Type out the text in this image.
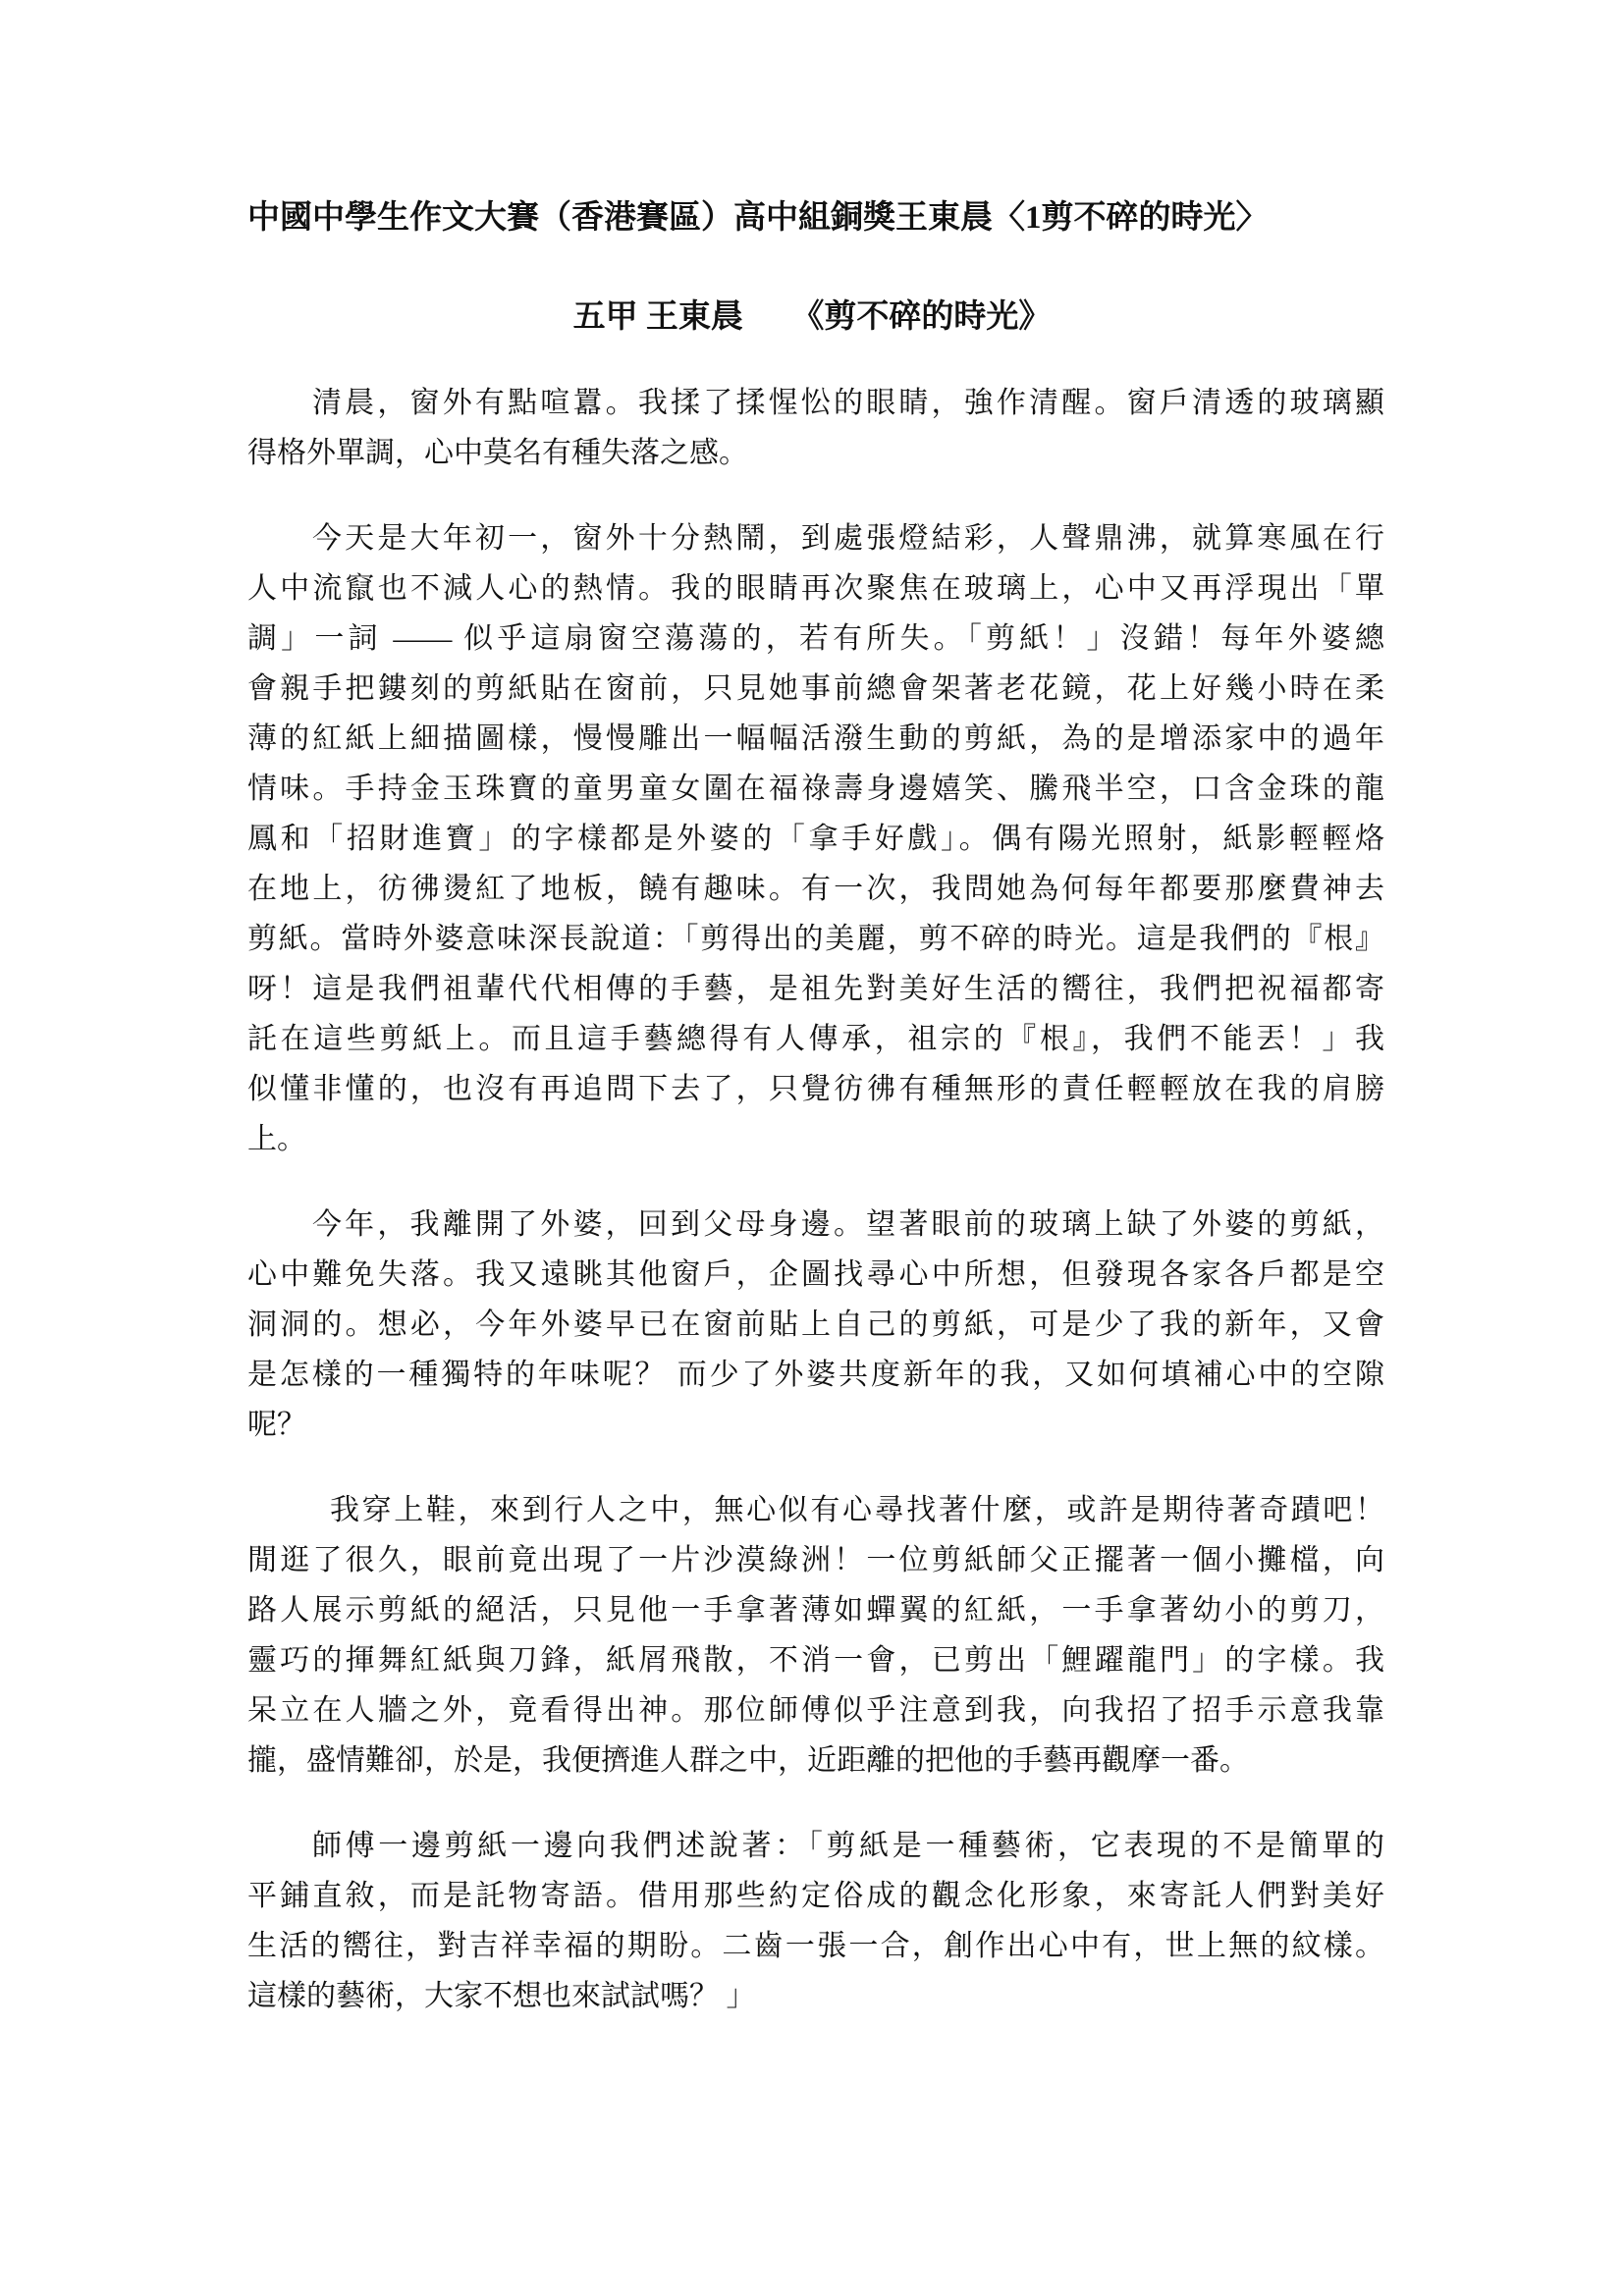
中國中學生作文大賽（香港賽區）高中組銅獎王東晨〈1剪不碎的時光〉
五甲 王東晨　　《剪不碎的時光》
清晨，窗外有點喧囂。我揉了揉惺忪的眼睛，強作清醒。窗戶清透的玻璃顯
得格外單調，心中莫名有種失落之感。
今天是大年初一，窗外十分熱鬧，到處張燈結彩，人聲鼎沸，就算寒風在行
人中流竄也不減人心的熱情。我的眼睛再次聚焦在玻璃上，心中又再浮現出「單
調」一詞 —— 似乎這扇窗空蕩蕩的，若有所失。「剪紙！」沒錯！每年外婆總
會親手把鏤刻的剪紙貼在窗前，只見她事前總會架著老花鏡，花上好幾小時在柔
薄的紅紙上細描圖樣，慢慢雕出一幅幅活潑生動的剪紙，為的是增添家中的過年
情味。手持金玉珠寶的童男童女圍在福祿壽身邊嬉笑、騰飛半空，口含金珠的龍
鳳和「招財進寶」的字樣都是外婆的「拿手好戲」。偶有陽光照射，紙影輕輕烙
在地上，彷彿燙紅了地板，饒有趣味。有一次，我問她為何每年都要那麼費神去
剪紙。當時外婆意味深長說道：「剪得出的美麗，剪不碎的時光。這是我們的『根』
呀！這是我們祖輩代代相傳的手藝，是祖先對美好生活的嚮往，我們把祝福都寄
託在這些剪紙上。而且這手藝總得有人傳承，祖宗的『根』，我們不能丟！」我
似懂非懂的，也沒有再追問下去了，只覺彷彿有種無形的責任輕輕放在我的肩膀
上。
今年，我離開了外婆，回到父母身邊。望著眼前的玻璃上缺了外婆的剪紙，
心中難免失落。我又遠眺其他窗戶，企圖找尋心中所想，但發現各家各戶都是空
洞洞的。想必，今年外婆早已在窗前貼上自己的剪紙，可是少了我的新年，又會
是怎樣的一種獨特的年味呢？ 而少了外婆共度新年的我，又如何填補心中的空隙
呢？
我穿上鞋，來到行人之中，無心似有心尋找著什麼，或許是期待著奇蹟吧！
閒逛了很久，眼前竟出現了一片沙漠綠洲！一位剪紙師父正擺著一個小攤檔，向
路人展示剪紙的絕活，只見他一手拿著薄如蟬翼的紅紙，一手拿著幼小的剪刀，
靈巧的揮舞紅紙與刀鋒，紙屑飛散，不消一會，已剪出「鯉躍龍門」的字樣。我
呆立在人牆之外，竟看得出神。那位師傅似乎注意到我，向我招了招手示意我靠
攏，盛情難卻，於是，我便擠進人群之中，近距離的把他的手藝再觀摩一番。
師傅一邊剪紙一邊向我們述說著：「剪紙是一種藝術，它表現的不是簡單的
平鋪直敘，而是託物寄語。借用那些約定俗成的觀念化形象，來寄託人們對美好
生活的嚮往，對吉祥幸福的期盼。二齒一張一合，創作出心中有，世上無的紋樣。
這樣的藝術，大家不想也來試試嗎？ 」
